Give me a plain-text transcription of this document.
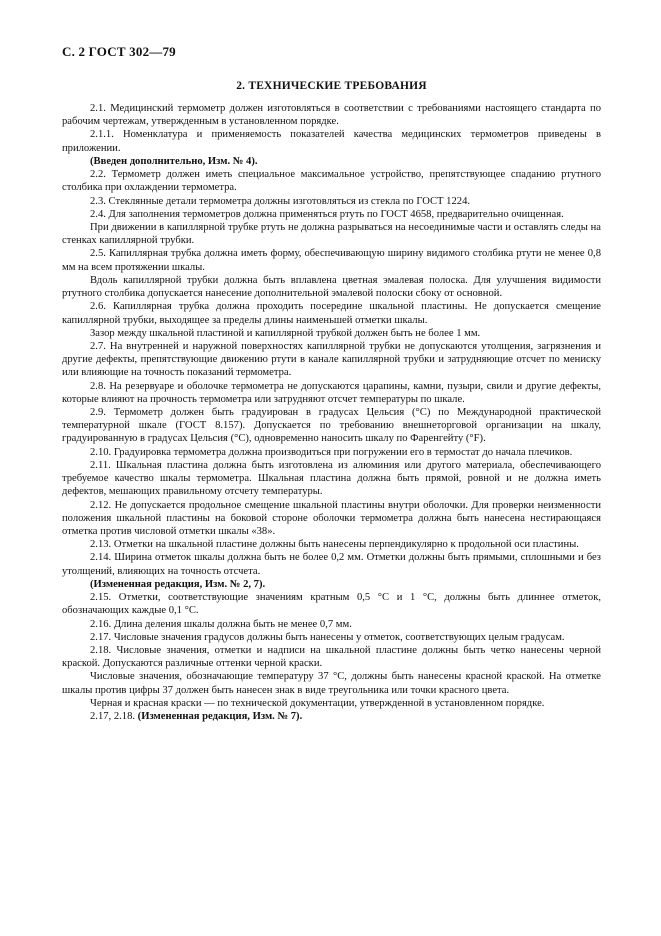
С. 2 ГОСТ 302—79
2. ТЕХНИЧЕСКИЕ ТРЕБОВАНИЯ

2.1. Медицинский термометр должен изготовляться в соответствии с требованиями настоящего стандарта по рабочим чертежам, утвержденным в установленном порядке.

2.1.1. Номенклатура и применяемость показателей качества медицинских термометров приведены в приложении.

(Введен дополнительно, Изм. № 4).

2.2. Термометр должен иметь специальное максимальное устройство, препятствующее спаданию ртутного столбика при охлаждении термометра.

2.3. Стеклянные детали термометра должны изготовляться из стекла по ГОСТ 1224.

2.4. Для заполнения термометров должна применяться ртуть по ГОСТ 4658, предварительно очищенная.

При движении в капиллярной трубке ртуть не должна разрываться на несоединимые части и оставлять следы на стенках капиллярной трубки.

2.5. Капиллярная трубка должна иметь форму, обеспечивающую ширину видимого столбика ртути не менее 0,8 мм на всем протяжении шкалы.

Вдоль капиллярной трубки должна быть вплавлена цветная эмалевая полоска. Для улучшения видимости ртутного столбика допускается нанесение дополнительной эмалевой полоски сбоку от основной.

2.6. Капиллярная трубка должна проходить посередине шкальной пластины. Не допускается смещение капиллярной трубки, выходящее за пределы длины наименьшей отметки шкалы.

Зазор между шкальной пластиной и капиллярной трубкой должен быть не более 1 мм.

2.7. На внутренней и наружной поверхностях капиллярной трубки не допускаются утолщения, загрязнения и другие дефекты, препятствующие движению ртути в канале капиллярной трубки и затрудняющие отсчет по мениску или влияющие на точность показаний термометра.

2.8. На резервуаре и оболочке термометра не допускаются царапины, камни, пузыри, свили и другие дефекты, которые влияют на прочность термометра или затрудняют отсчет температуры по шкале.

2.9. Термометр должен быть градуирован в градусах Цельсия (°С) по Международной практической температурной шкале (ГОСТ 8.157). Допускается по требованию внешнеторговой организации на шкалу, градуированную в градусах Цельсия (°С), одновременно наносить шкалу по Фаренгейту (°F).

2.10. Градуировка термометра должна производиться при погружении его в термостат до начала плечиков.

2.11. Шкальная пластина должна быть изготовлена из алюминия или другого материала, обеспечивающего требуемое качество шкалы термометра. Шкальная пластина должна быть прямой, ровной и не должна иметь дефектов, мешающих правильному отсчету температуры.

2.12. Не допускается продольное смещение шкальной пластины внутри оболочки. Для проверки неизменности положения шкальной пластины на боковой стороне оболочки термометра должна быть нанесена нестирающаяся отметка против числовой отметки шкалы «38».

2.13. Отметки на шкальной пластине должны быть нанесены перпендикулярно к продольной оси пластины.

2.14. Ширина отметок шкалы должна быть не более 0,2 мм. Отметки должны быть прямыми, сплошными и без утолщений, влияющих на точность отсчета.

(Измененная редакция, Изм. № 2, 7).

2.15. Отметки, соответствующие значениям кратным 0,5 °С и 1 °С, должны быть длиннее отметок, обозначающих каждые 0,1 °С.

2.16. Длина деления шкалы должна быть не менее 0,7 мм.

2.17. Числовые значения градусов должны быть нанесены у отметок, соответствующих целым градусам.

2.18. Числовые значения, отметки и надписи на шкальной пластине должны быть четко нанесены черной краской. Допускаются различные оттенки черной краски.

Числовые значения, обозначающие температуру 37 °С, должны быть нанесены красной краской. На отметке шкалы против цифры 37 должен быть нанесен знак в виде треугольника или точки красного цвета.

Черная и красная краски — по технической документации, утвержденной в установленном порядке.

2.17, 2.18. (Измененная редакция, Изм. № 7).
